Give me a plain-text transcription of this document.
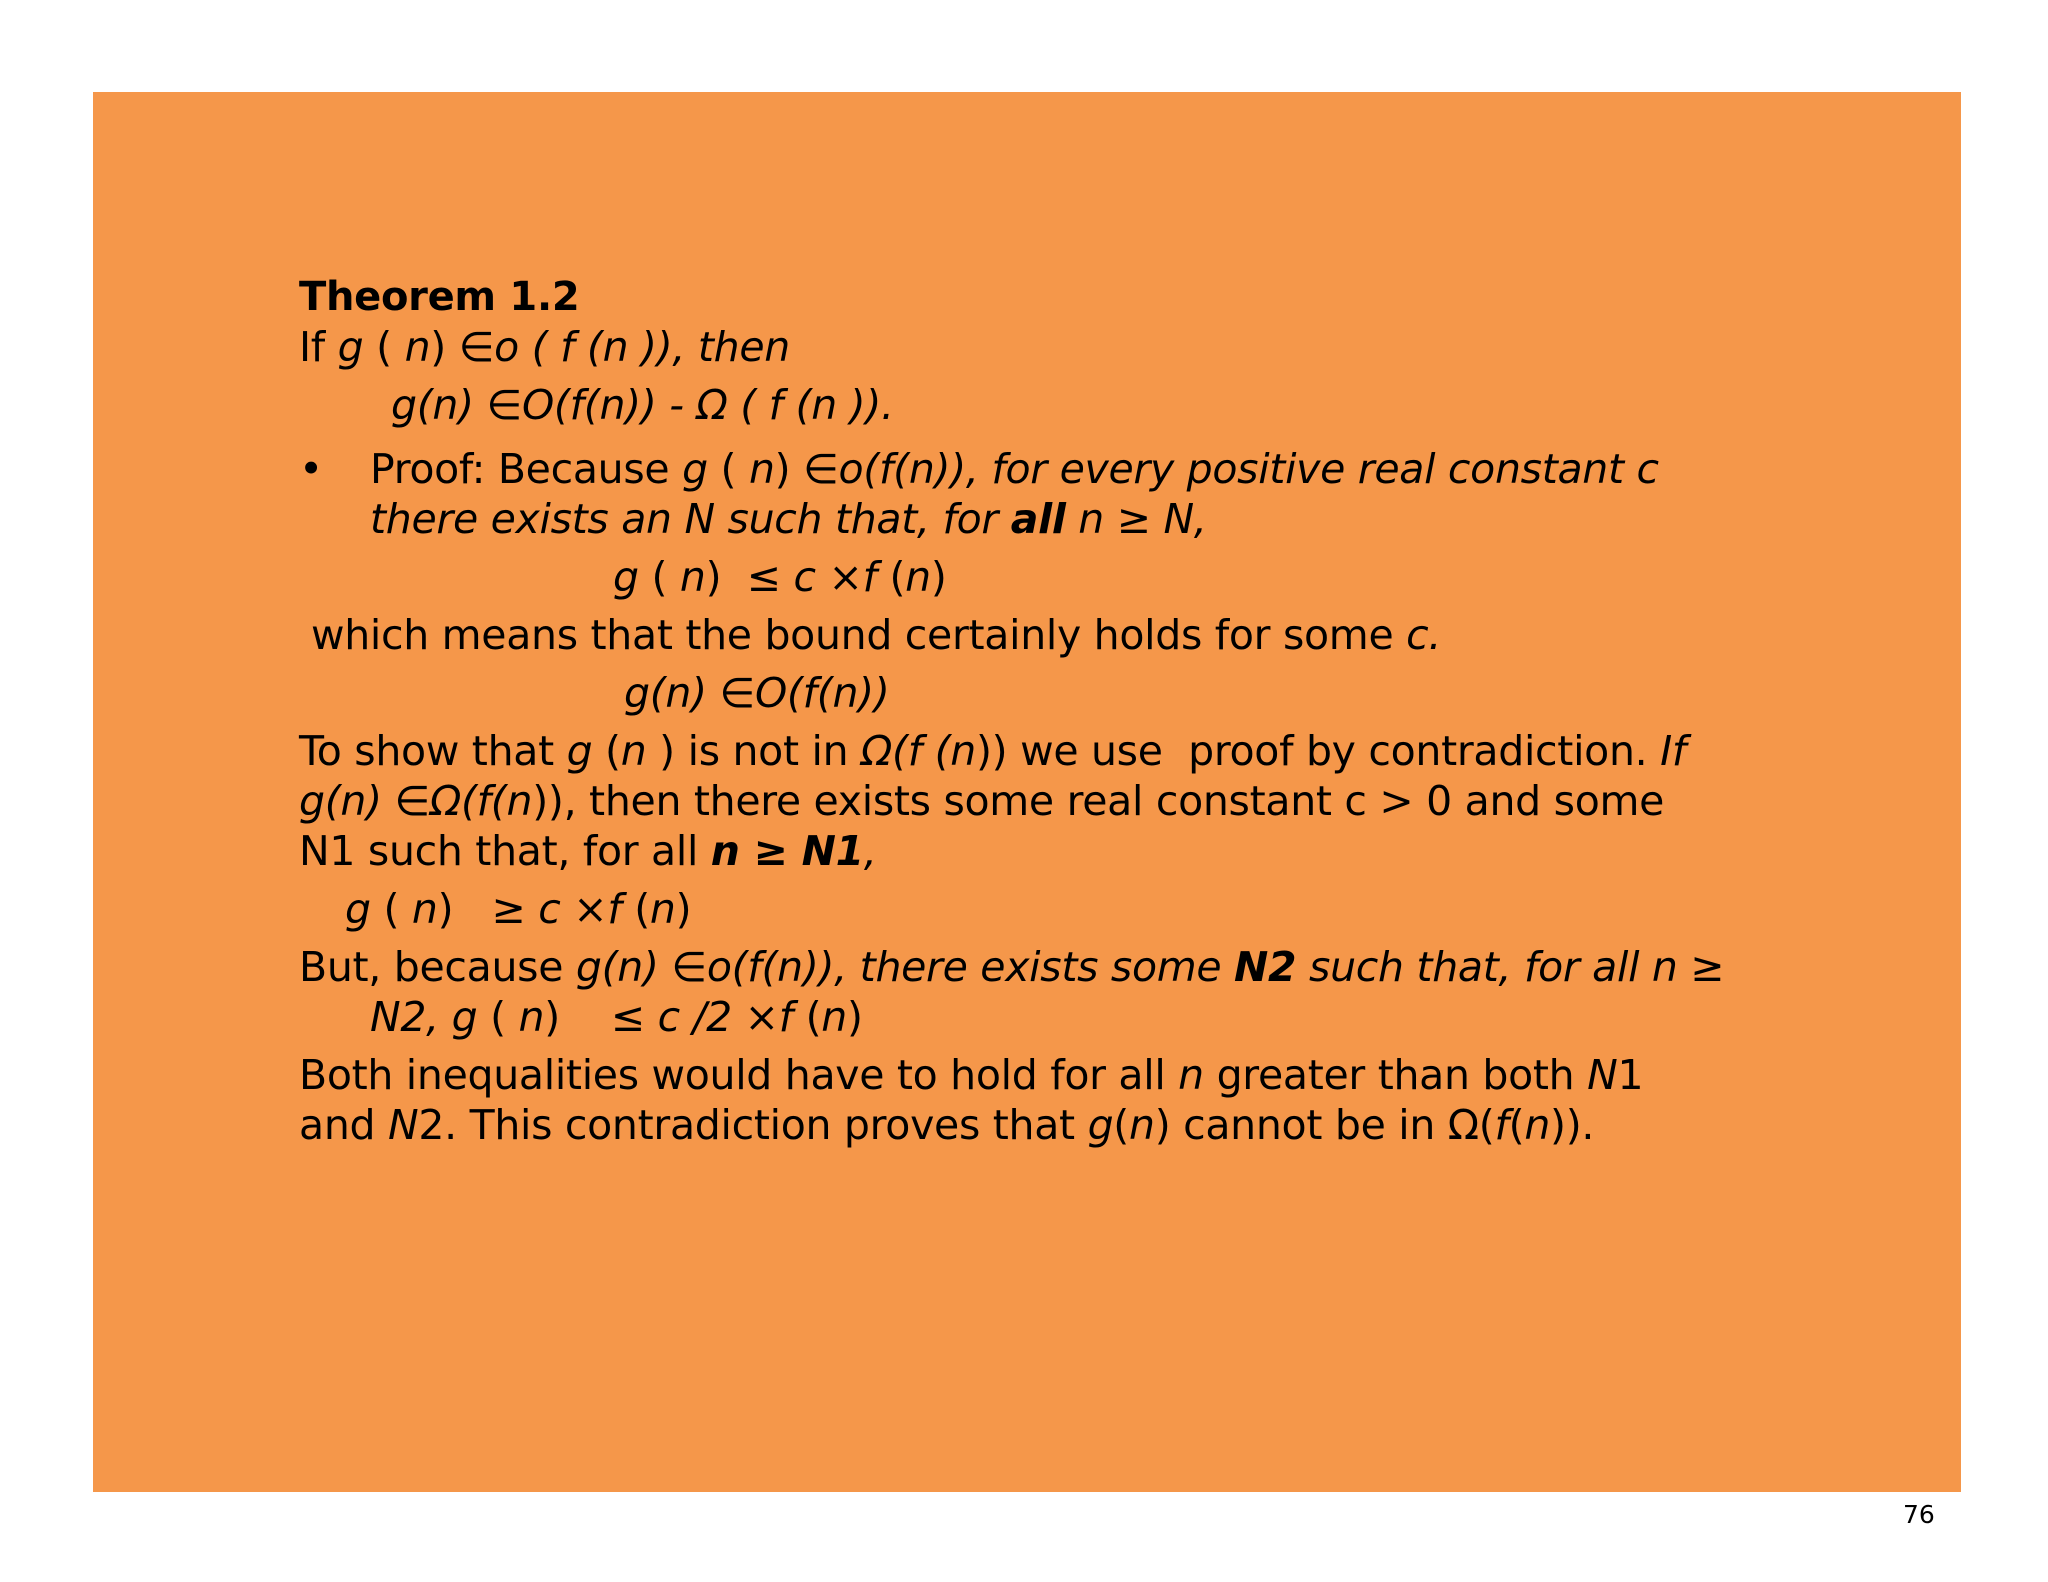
Theorem 1.2
If g ( n) ∈o ( f (n )), then
g(n) ∈O(f(n)) - Ω ( f (n )).
•	Proof: Because g ( n) ∈o(f(n)), for every positive real constant c
there exists an N such that, for all n ≥ N,
g ( n)  ≤ c ×f (n)
which means that the bound certainly holds for some c.
g(n) ∈O(f(n))
To show that g (n ) is not in Ω(f (n)) we use  proof by contradiction. If
g(n) ∈Ω(f(n)), then there exists some real constant c > 0 and some
N1 such that, for all n ≥ N1,
g ( n)   ≥ c ×f (n)
But, because g(n) ∈o(f(n)), there exists some N2 such that, for all n ≥
N2, g ( n)    ≤ c /2 ×f (n)
Both inequalities would have to hold for all n greater than both N1
and N2. This contradiction proves that g(n) cannot be in Ω(f(n)).
76
